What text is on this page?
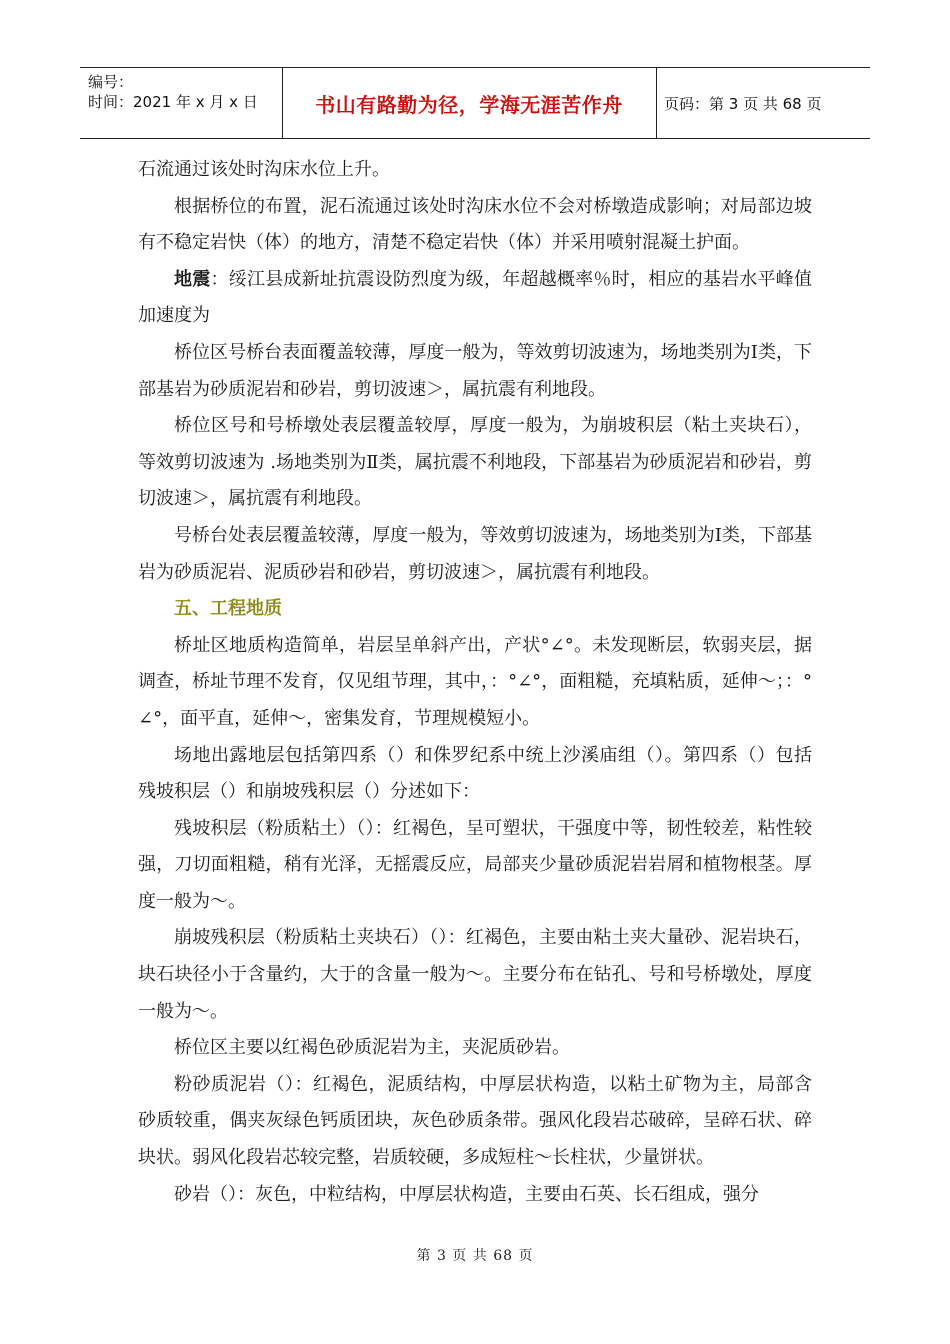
编号：
时间：2021 年 x 月 x 日	书山有路勤为径，学海无涯苦作舟	页码：第 3 页 共 68 页

石流通过该处时沟床水位上升。

根据桥位的布置，泥石流通过该处时沟床水位不会对桥墩造成影响；对局部边坡有不稳定岩快（体）的地方，清楚不稳定岩快（体）并采用喷射混凝土护面。

地震：绥江县成新址抗震设防烈度为级，年超越概率％时，相应的基岩水平峰值加速度为

桥位区号桥台表面覆盖较薄，厚度一般为，等效剪切波速为，场地类别为Ⅰ类，下部基岩为砂质泥岩和砂岩，剪切波速＞，属抗震有利地段。

桥位区号和号桥墩处表层覆盖较厚，厚度一般为，为崩坡积层（粘土夹块石），等效剪切波速为 .场地类别为Ⅱ类，属抗震不利地段，下部基岩为砂质泥岩和砂岩，剪切波速＞，属抗震有利地段。

号桥台处表层覆盖较薄，厚度一般为，等效剪切波速为，场地类别为Ⅰ类，下部基岩为砂质泥岩、泥质砂岩和砂岩，剪切波速＞，属抗震有利地段。

五、工程地质

桥址区地质构造简单，岩层呈单斜产出，产状°∠°。未发现断层，软弱夹层，据调查，桥址节理不发育，仅见组节理，其中，：°∠°，面粗糙，充填粘质，延伸～；：°∠°，面平直，延伸～，密集发育，节理规模短小。

场地出露地层包括第四系（）和侏罗纪系中统上沙溪庙组（）。第四系（）包括残坡积层（）和崩坡残积层（）分述如下：

残坡积层（粉质粘土）（）：红褐色，呈可塑状，干强度中等，韧性较差，粘性较强，刀切面粗糙，稍有光泽，无摇震反应，局部夹少量砂质泥岩岩屑和植物根茎。厚度一般为～。

崩坡残积层（粉质粘土夹块石）（）：红褐色，主要由粘土夹大量砂、泥岩块石，块石块径小于含量约，大于的含量一般为～。主要分布在钻孔、号和号桥墩处，厚度一般为～。

桥位区主要以红褐色砂质泥岩为主，夹泥质砂岩。

粉砂质泥岩（）：红褐色，泥质结构，中厚层状构造，以粘土矿物为主，局部含砂质较重，偶夹灰绿色钙质团块，灰色砂质条带。强风化段岩芯破碎，呈碎石状、碎块状。弱风化段岩芯较完整，岩质较硬，多成短柱～长柱状，少量饼状。

砂岩（）：灰色，中粒结构，中厚层状构造，主要由石英、长石组成，强分

第 3 页 共 68 页
